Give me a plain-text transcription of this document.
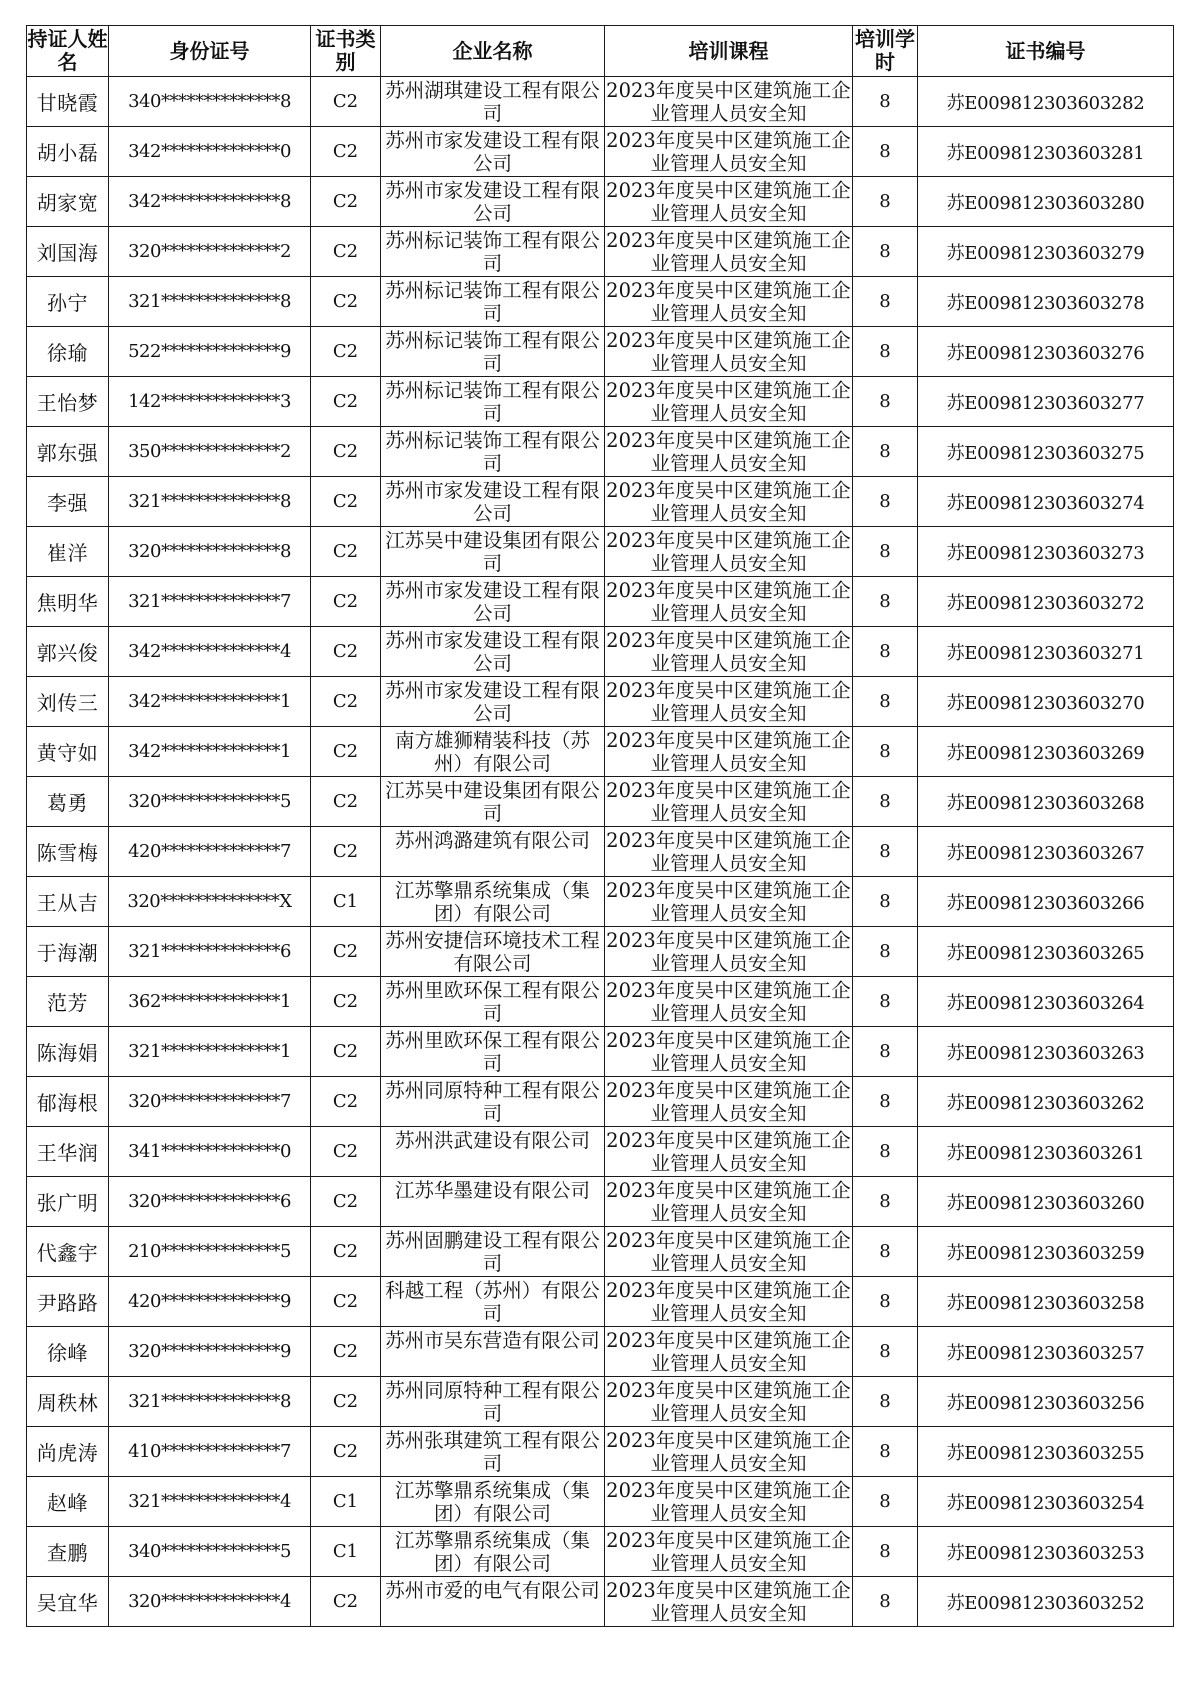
持证人姓名	身份证号	证书类别	企业名称	培训课程	培训学时	证书编号
甘晓霞	340**************8	C2	苏州湖琪建设工程有限公司	2023年度吴中区建筑施工企业管理人员安全知	8	苏E009812303603282
胡小磊	342**************0	C2	苏州市家发建设工程有限公司	2023年度吴中区建筑施工企业管理人员安全知	8	苏E009812303603281
胡家宽	342**************8	C2	苏州市家发建设工程有限公司	2023年度吴中区建筑施工企业管理人员安全知	8	苏E009812303603280
刘国海	320**************2	C2	苏州标记装饰工程有限公司	2023年度吴中区建筑施工企业管理人员安全知	8	苏E009812303603279
孙宁	321**************8	C2	苏州标记装饰工程有限公司	2023年度吴中区建筑施工企业管理人员安全知	8	苏E009812303603278
徐瑜	522**************9	C2	苏州标记装饰工程有限公司	2023年度吴中区建筑施工企业管理人员安全知	8	苏E009812303603276
王怡梦	142**************3	C2	苏州标记装饰工程有限公司	2023年度吴中区建筑施工企业管理人员安全知	8	苏E009812303603277
郭东强	350**************2	C2	苏州标记装饰工程有限公司	2023年度吴中区建筑施工企业管理人员安全知	8	苏E009812303603275
李强	321**************8	C2	苏州市家发建设工程有限公司	2023年度吴中区建筑施工企业管理人员安全知	8	苏E009812303603274
崔洋	320**************8	C2	江苏吴中建设集团有限公司	2023年度吴中区建筑施工企业管理人员安全知	8	苏E009812303603273
焦明华	321**************7	C2	苏州市家发建设工程有限公司	2023年度吴中区建筑施工企业管理人员安全知	8	苏E009812303603272
郭兴俊	342**************4	C2	苏州市家发建设工程有限公司	2023年度吴中区建筑施工企业管理人员安全知	8	苏E009812303603271
刘传三	342**************1	C2	苏州市家发建设工程有限公司	2023年度吴中区建筑施工企业管理人员安全知	8	苏E009812303603270
黄守如	342**************1	C2	南方雄狮精装科技（苏州）有限公司	2023年度吴中区建筑施工企业管理人员安全知	8	苏E009812303603269
葛勇	320**************5	C2	江苏吴中建设集团有限公司	2023年度吴中区建筑施工企业管理人员安全知	8	苏E009812303603268
陈雪梅	420**************7	C2	苏州鸿潞建筑有限公司	2023年度吴中区建筑施工企业管理人员安全知	8	苏E009812303603267
王从吉	320**************X	C1	江苏擎鼎系统集成（集团）有限公司	2023年度吴中区建筑施工企业管理人员安全知	8	苏E009812303603266
于海潮	321**************6	C2	苏州安捷信环境技术工程有限公司	2023年度吴中区建筑施工企业管理人员安全知	8	苏E009812303603265
范芳	362**************1	C2	苏州里欧环保工程有限公司	2023年度吴中区建筑施工企业管理人员安全知	8	苏E009812303603264
陈海娟	321**************1	C2	苏州里欧环保工程有限公司	2023年度吴中区建筑施工企业管理人员安全知	8	苏E009812303603263
郁海根	320**************7	C2	苏州同原特种工程有限公司	2023年度吴中区建筑施工企业管理人员安全知	8	苏E009812303603262
王华润	341**************0	C2	苏州洪武建设有限公司	2023年度吴中区建筑施工企业管理人员安全知	8	苏E009812303603261
张广明	320**************6	C2	江苏华墨建设有限公司	2023年度吴中区建筑施工企业管理人员安全知	8	苏E009812303603260
代鑫宇	210**************5	C2	苏州固鹏建设工程有限公司	2023年度吴中区建筑施工企业管理人员安全知	8	苏E009812303603259
尹路路	420**************9	C2	科越工程（苏州）有限公司	2023年度吴中区建筑施工企业管理人员安全知	8	苏E009812303603258
徐峰	320**************9	C2	苏州市吴东营造有限公司	2023年度吴中区建筑施工企业管理人员安全知	8	苏E009812303603257
周秩林	321**************8	C2	苏州同原特种工程有限公司	2023年度吴中区建筑施工企业管理人员安全知	8	苏E009812303603256
尚虎涛	410**************7	C2	苏州张琪建筑工程有限公司	2023年度吴中区建筑施工企业管理人员安全知	8	苏E009812303603255
赵峰	321**************4	C1	江苏擎鼎系统集成（集团）有限公司	2023年度吴中区建筑施工企业管理人员安全知	8	苏E009812303603254
查鹏	340**************5	C1	江苏擎鼎系统集成（集团）有限公司	2023年度吴中区建筑施工企业管理人员安全知	8	苏E009812303603253
吴宜华	320**************4	C2	苏州市爱的电气有限公司	2023年度吴中区建筑施工企业管理人员安全知	8	苏E009812303603252
